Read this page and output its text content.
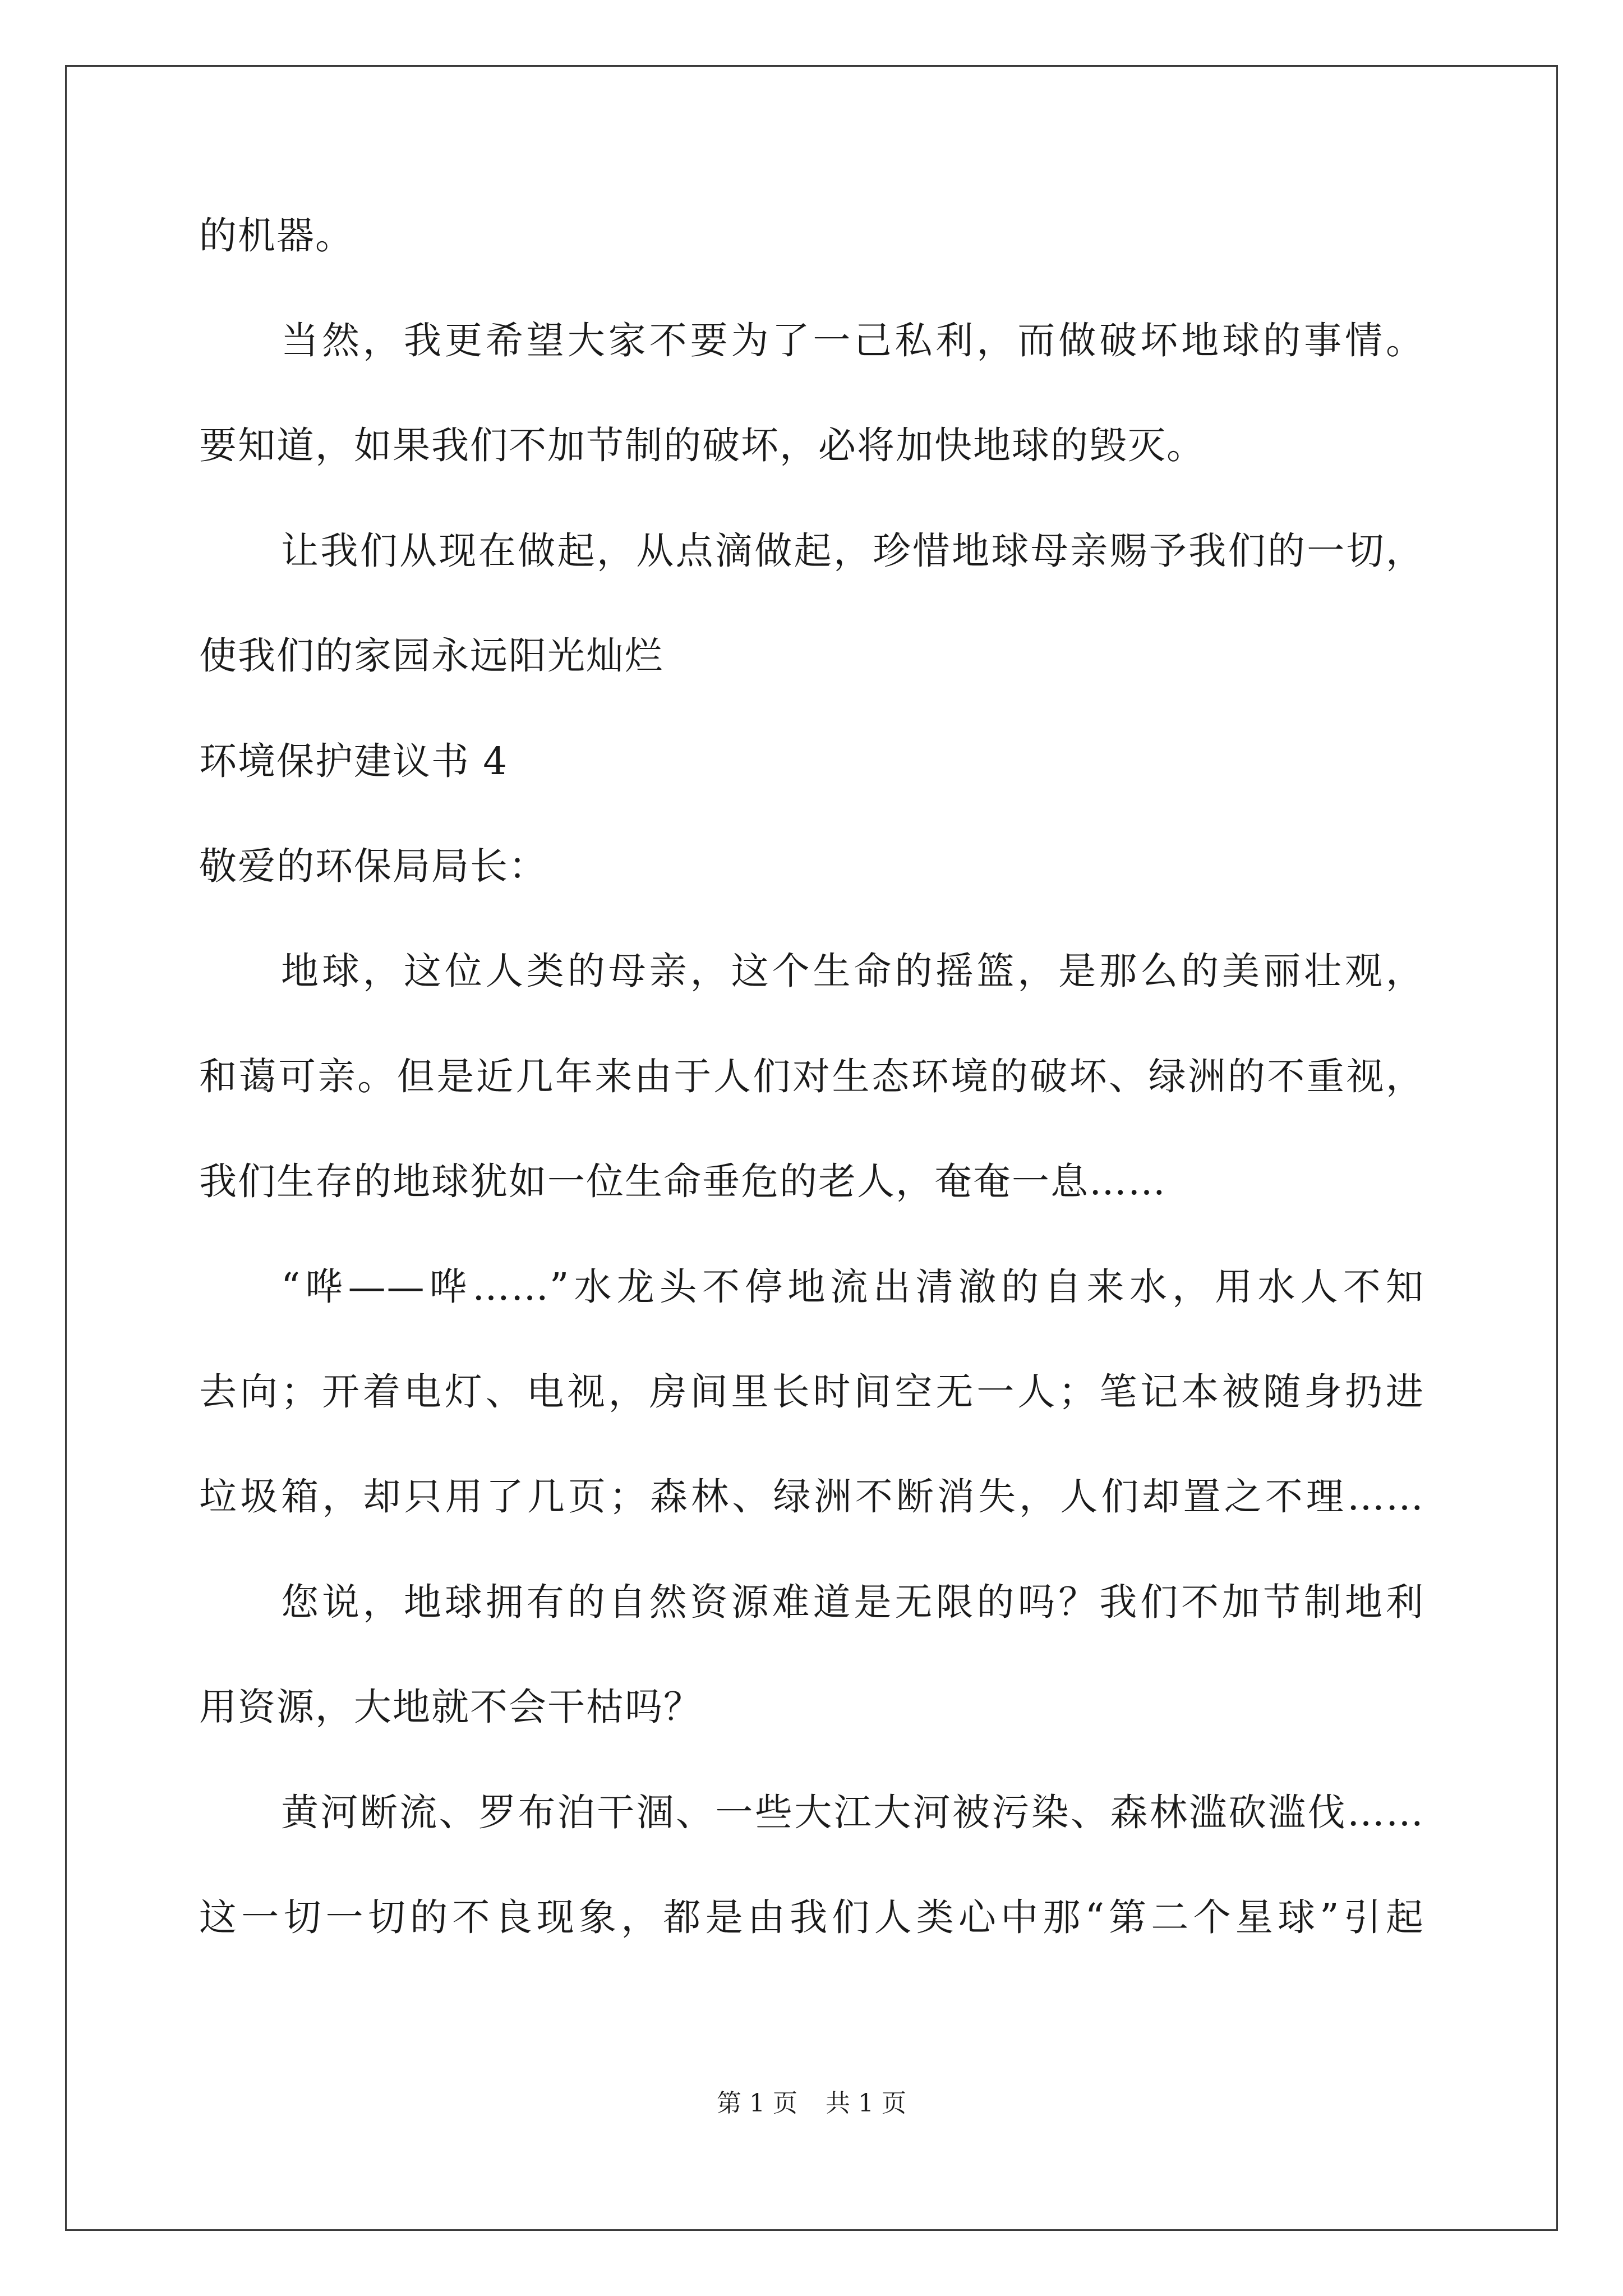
的机器。
当然，我更希望大家不要为了一己私利，而做破坏地球的事情。
要知道，如果我们不加节制的破坏，必将加快地球的毁灭。
让我们从现在做起，从点滴做起，珍惜地球母亲赐予我们的一切，
使我们的家园永远阳光灿烂
环境保护建议书 4
敬爱的环保局局长：
地球，这位人类的母亲，这个生命的摇篮，是那么的美丽壮观，
和蔼可亲。但是近几年来由于人们对生态环境的破坏、绿洲的不重视，
我们生存的地球犹如一位生命垂危的老人，奄奄一息……
“哗——哗……”水龙头不停地流出清澈的自来水，用水人不知
去向；开着电灯、电视，房间里长时间空无一人；笔记本被随身扔进
垃圾箱，却只用了几页；森林、绿洲不断消失，人们却置之不理……
您说，地球拥有的自然资源难道是无限的吗？我们不加节制地利
用资源，大地就不会干枯吗？
黄河断流、罗布泊干涸、一些大江大河被污染、森林滥砍滥伐……
这一切一切的不良现象，都是由我们人类心中那“第二个星球”引起
第 1 页 共 1 页
